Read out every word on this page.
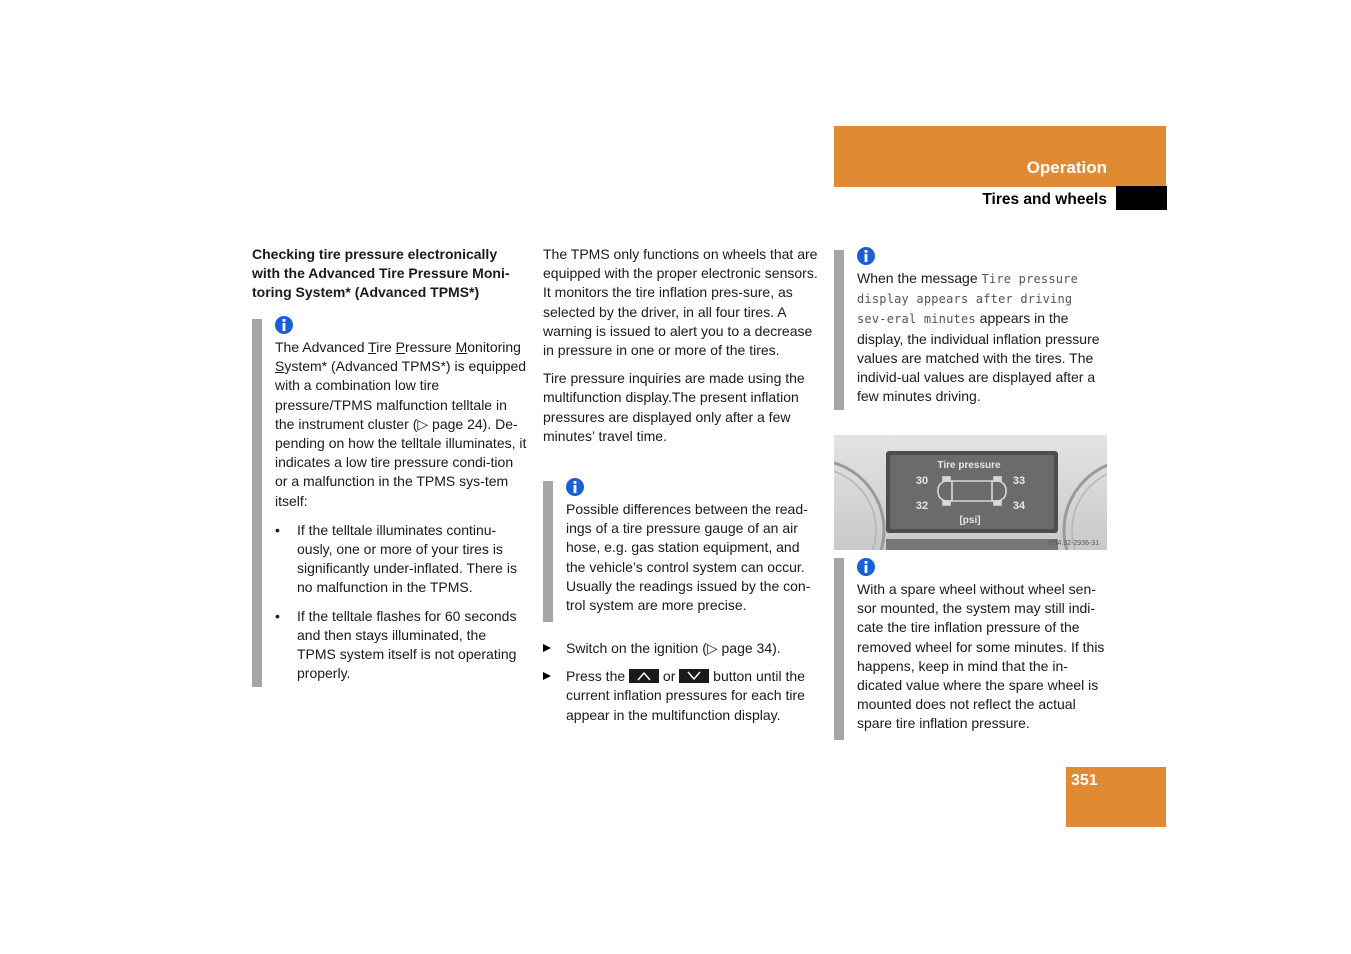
Operation
Tires and wheels

Checking tire pressure electronically with the Advanced Tire Pressure Moni-toring System* (Advanced TPMS*)

The Advanced Tire Pressure Monitoring System* (Advanced TPMS*) is equipped with a combination low tire pressure/TPMS malfunction telltale in the instrument cluster (▷ page 24). De-pending on how the telltale illuminates, it indicates a low tire pressure condi-tion or a malfunction in the TPMS sys-tem itself:
• If the telltale illuminates continu-ously, one or more of your tires is significantly under-inflated. There is no malfunction in the TPMS.
• If the telltale flashes for 60 seconds and then stays illuminated, the TPMS system itself is not operating properly.

The TPMS only functions on wheels that are equipped with the proper electronic sensors. It monitors the tire inflation pres-sure, as selected by the driver, in all four tires. A warning is issued to alert you to a decrease in pressure in one or more of the tires.

Tire pressure inquiries are made using the multifunction display.The present inflation pressures are displayed only after a few minutes’ travel time.

Possible differences between the read-ings of a tire pressure gauge of an air hose, e.g. gas station equipment, and the vehicle’s control system can occur. Usually the readings issued by the con-trol system are more precise.
Switch on the ignition (▷ page 34).
Press the	or	button until the current inflation pressures for each tire appear in the multifunction display.
When the message Tire pressure display appears after driving sev-eral minutes appears in the display, the individual inflation pressure values are matched with the tires. The individ-ual values are displayed after a few minutes driving.
Tire pressure
30	33
32	34
[psi]
P54.32-2936-31
With a spare wheel without wheel sen-sor mounted, the system may still indi-cate the tire inflation pressure of the removed wheel for some minutes. If this happens, keep in mind that the in-dicated value where the spare wheel is mounted does not reflect the actual spare tire inflation pressure.
351
